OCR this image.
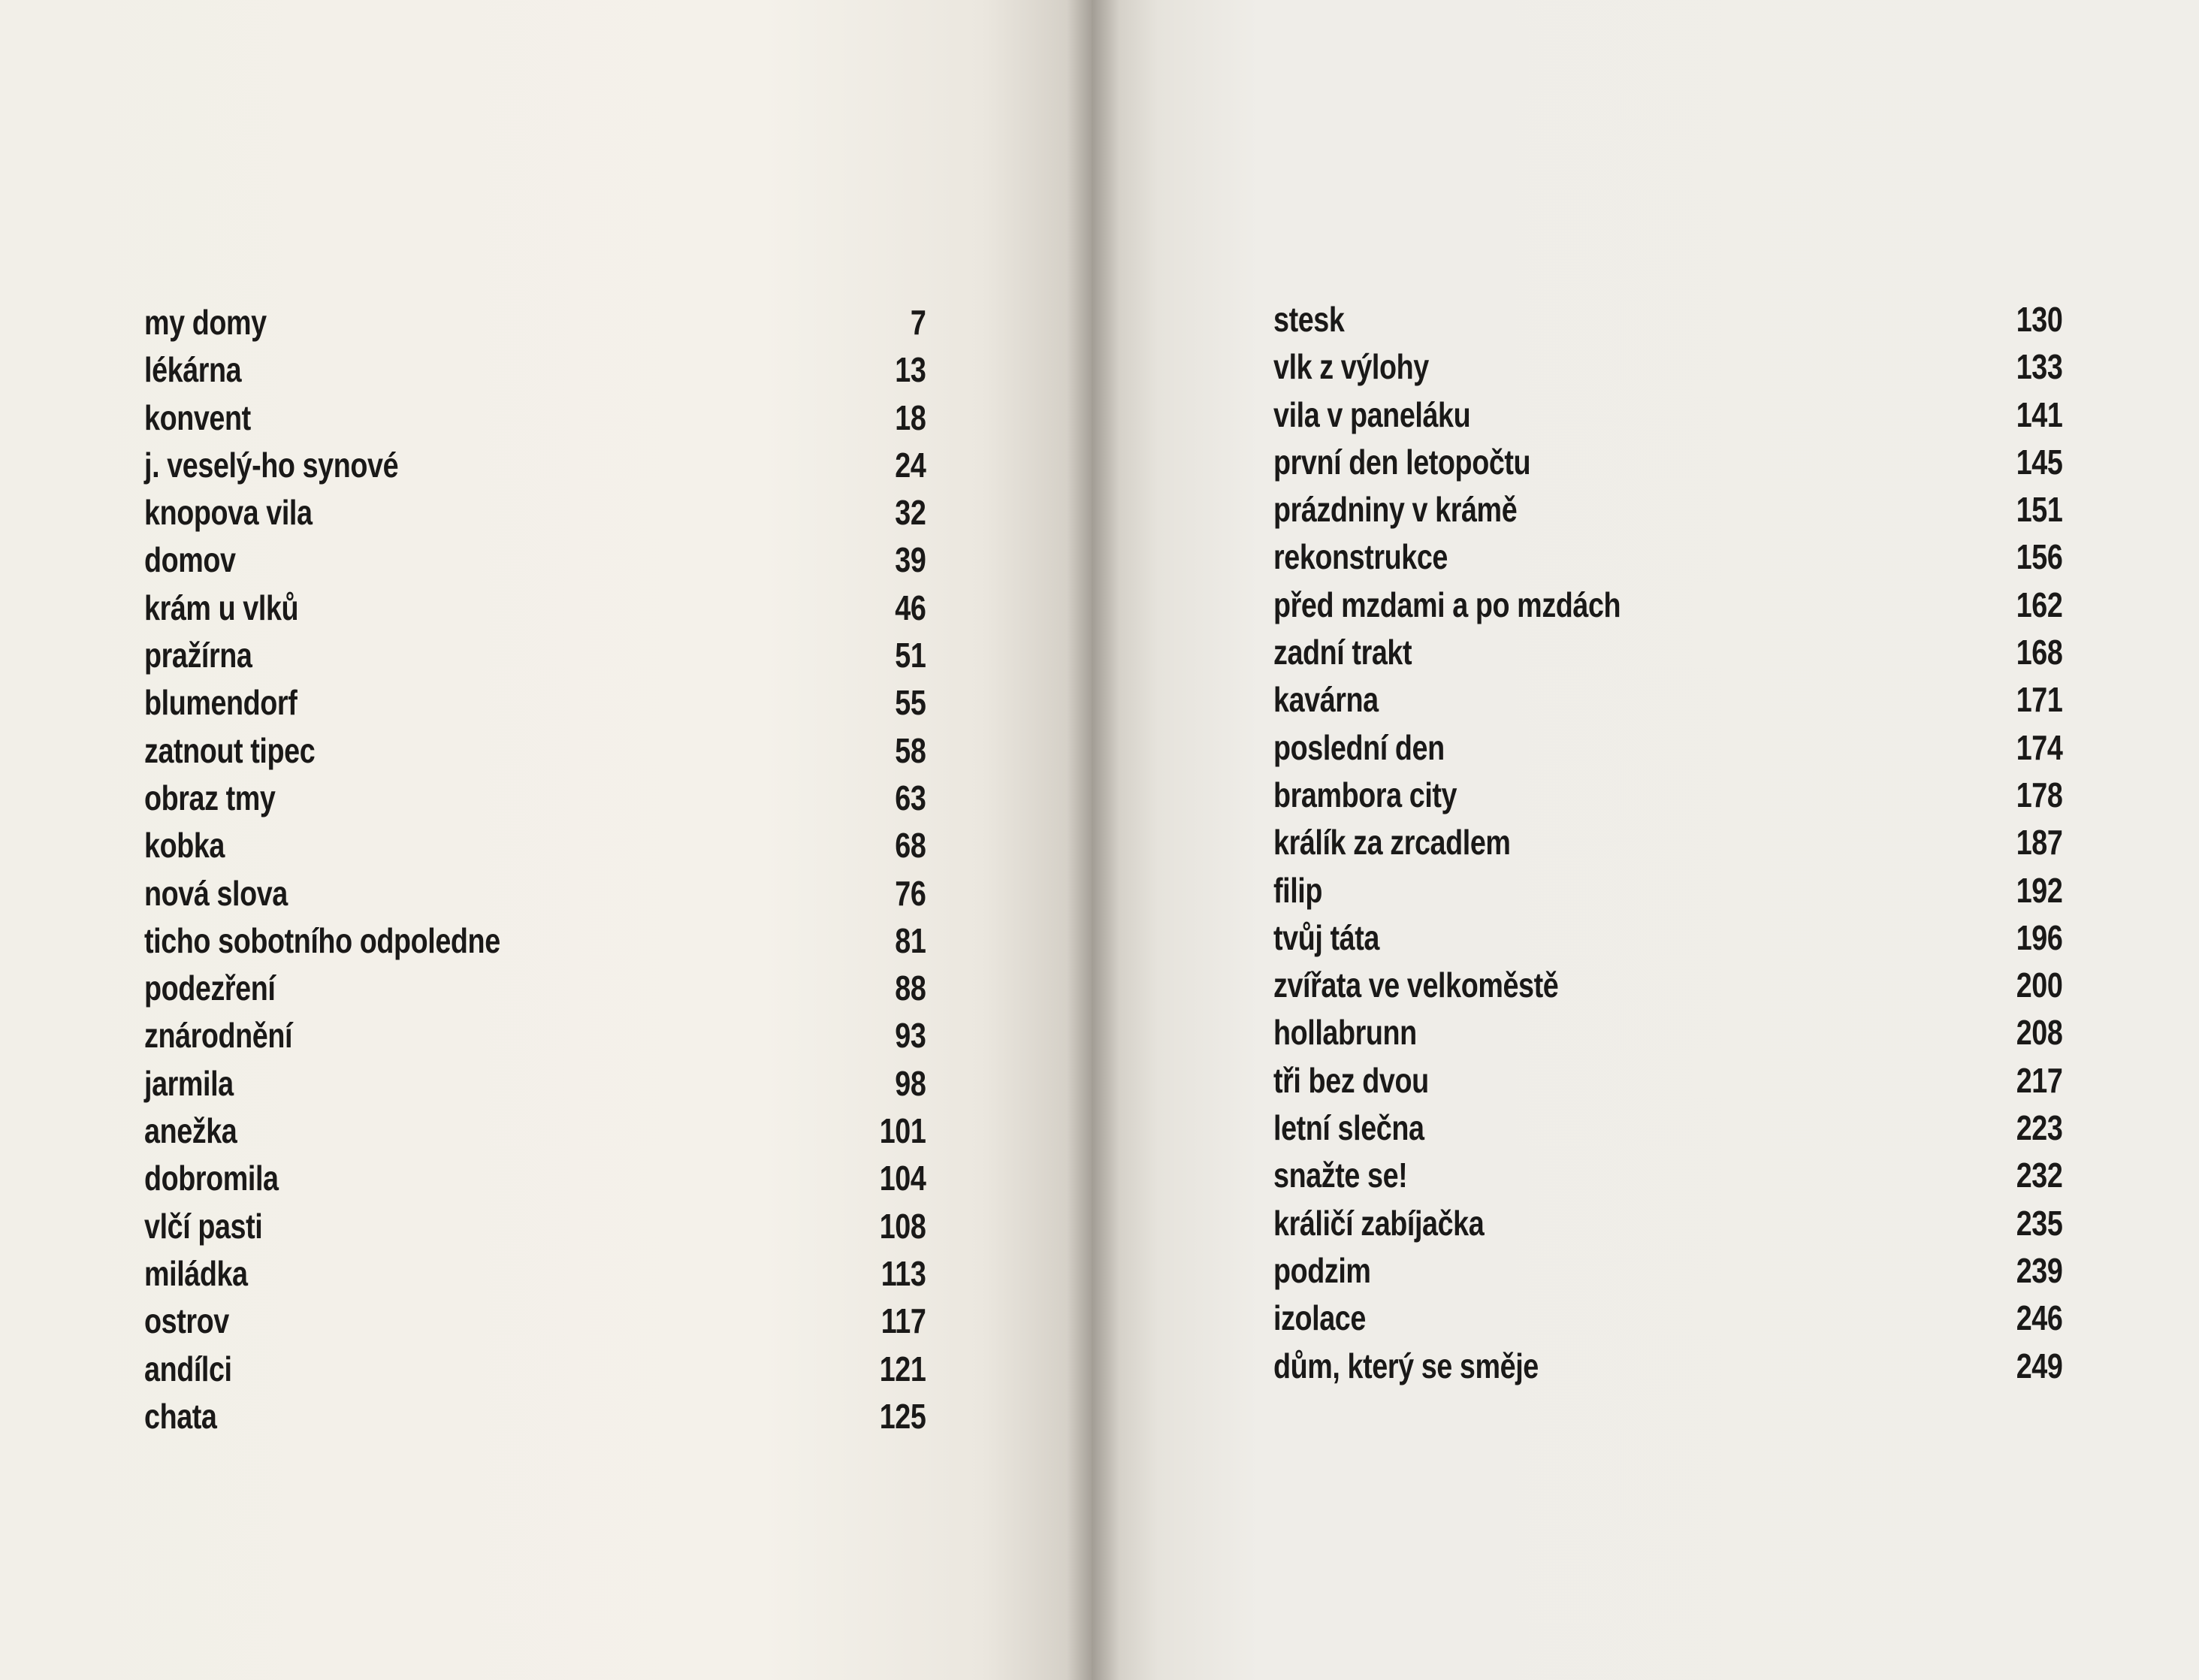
my domy	7
lékárna	13
konvent	18
j. veselý-ho synové	24
knopova vila	32
domov	39
krám u vlků	46
pražírna	51
blumendorf	55
zatnout tipec	58
obraz tmy	63
kobka	68
nová slova	76
ticho sobotního odpoledne	81
podezření	88
znárodnění	93
jarmila	98
anežka	101
dobromila	104
vlčí pasti	108
miládka	113
ostrov	117
andílci	121
chata	125
stesk	130
vlk z výlohy	133
vila v paneláku	141
první den letopočtu	145
prázdniny v krámě	151
rekonstrukce	156
před mzdami a po mzdách	162
zadní trakt	168
kavárna	171
poslední den	174
brambora city	178
králík za zrcadlem	187
filip	192
tvůj táta	196
zvířata ve velkoměstě	200
hollabrunn	208
tři bez dvou	217
letní slečna	223
snažte se!	232
králičí zabíjačka	235
podzim	239
izolace	246
dům, který se směje	249
